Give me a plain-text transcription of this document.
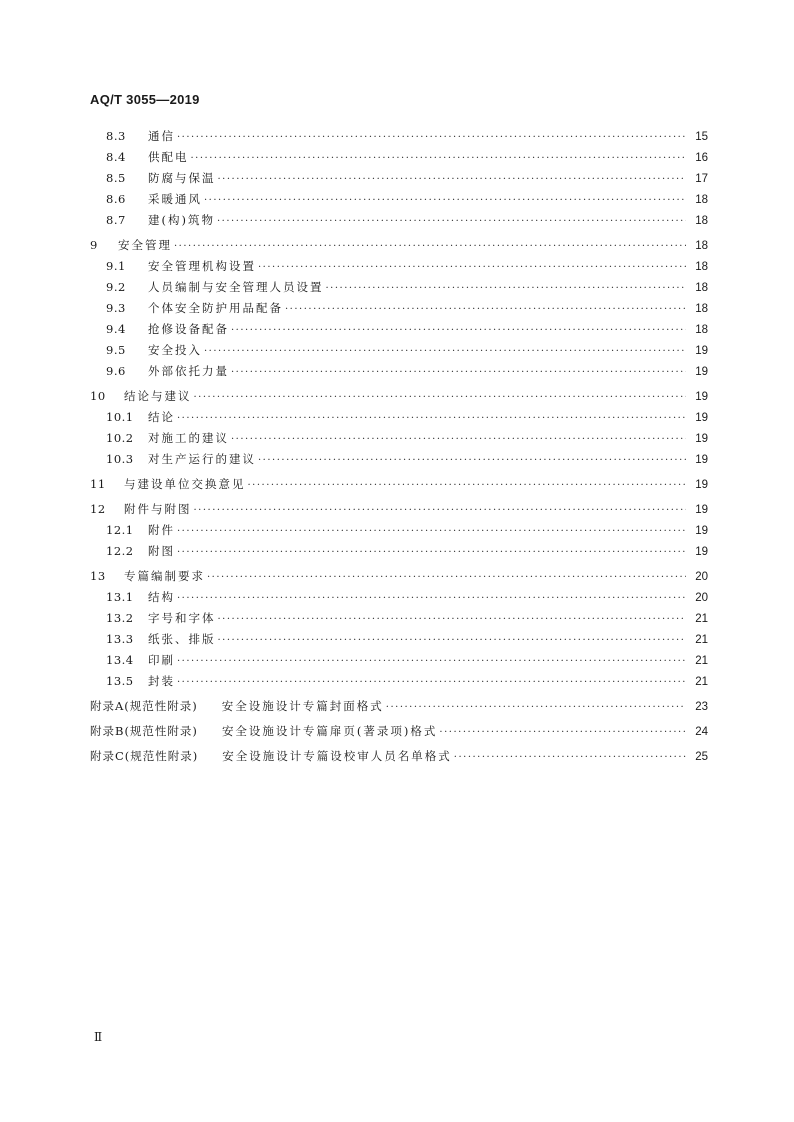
AQ/T 3055—2019
8.3	通信 ·····	15
8.4	供配电 ·····	16
8.5	防腐与保温 ·····	17
8.6	采暖通风 ·····	18
8.7	建(构)筑物 ·····	18
9	安全管理 ·····	18
9.1	安全管理机构设置 ·····	18
9.2	人员编制与安全管理人员设置 ·····	18
9.3	个体安全防护用品配备 ·····	18
9.4	抢修设备配备 ·····	18
9.5	安全投入 ·····	19
9.6	外部依托力量 ·····	19
10	结论与建议 ·····	19
10.1	结论 ·····	19
10.2	对施工的建议 ·····	19
10.3	对生产运行的建议 ·····	19
11	与建设单位交换意见 ·····	19
12	附件与附图 ·····	19
12.1	附件 ·····	19
12.2	附图 ·····	19
13	专篇编制要求 ·····	20
13.1	结构 ·····	20
13.2	字号和字体 ·····	21
13.3	纸张、排版 ·····	21
13.4	印刷 ·····	21
13.5	封装 ·····	21
附录A(规范性附录) 安全设施设计专篇封面格式 ·····	23
附录B(规范性附录) 安全设施设计专篇扉页(著录项)格式 ·····	24
附录C(规范性附录) 安全设施设计专篇设校审人员名单格式 ·····	25
Ⅱ
